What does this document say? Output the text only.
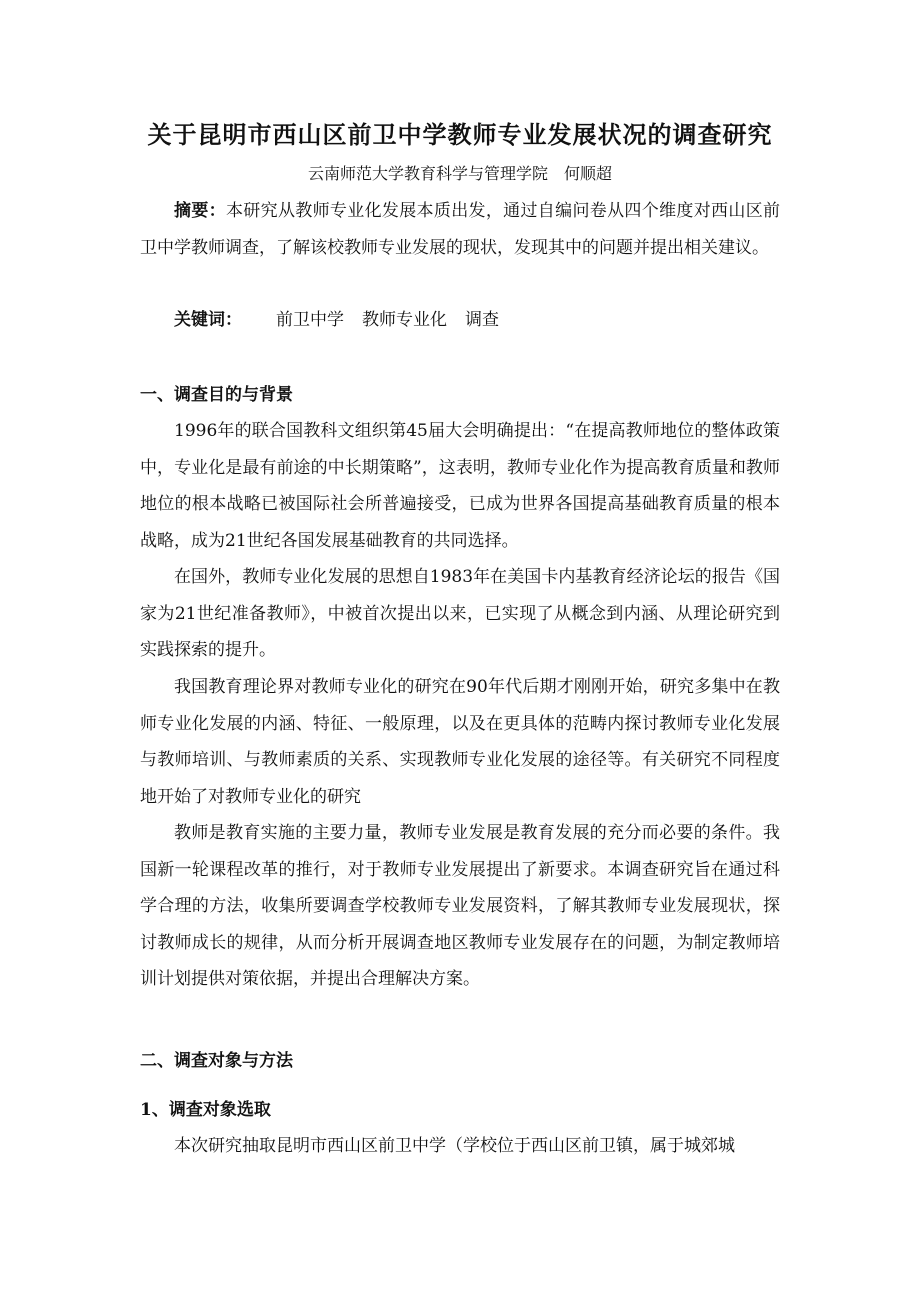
关于昆明市西山区前卫中学教师专业发展状况的调查研究
云南师范大学教育科学与管理学院　何顺超
摘要：本研究从教师专业化发展本质出发，通过自编问卷从四个维度对西山区前卫中学教师调查，了解该校教师专业发展的现状，发现其中的问题并提出相关建议。
关键词： 前卫中学 教师专业化 调查
一、调查目的与背景
1996年的联合国教科文组织第45届大会明确提出：“在提高教师地位的整体政策中，专业化是最有前途的中长期策略”，这表明，教师专业化作为提高教育质量和教师地位的根本战略已被国际社会所普遍接受，已成为世界各国提高基础教育质量的根本战略，成为21世纪各国发展基础教育的共同选择。
在国外，教师专业化发展的思想自1983年在美国卡内基教育经济论坛的报告《国家为21世纪准备教师》，中被首次提出以来，已实现了从概念到内涵、从理论研究到实践探索的提升。
我国教育理论界对教师专业化的研究在90年代后期才刚刚开始，研究多集中在教师专业化发展的内涵、特征、一般原理，以及在更具体的范畴内探讨教师专业化发展与教师培训、与教师素质的关系、实现教师专业化发展的途径等。有关研究不同程度地开始了对教师专业化的研究
教师是教育实施的主要力量，教师专业发展是教育发展的充分而必要的条件。我国新一轮课程改革的推行，对于教师专业发展提出了新要求。本调查研究旨在通过科学合理的方法，收集所要调查学校教师专业发展资料，了解其教师专业发展现状，探讨教师成长的规律，从而分析开展调查地区教师专业发展存在的问题，为制定教师培训计划提供对策依据，并提出合理解决方案。
二、调查对象与方法
1、调查对象选取
本次研究抽取昆明市西山区前卫中学（学校位于西山区前卫镇，属于城郊城
